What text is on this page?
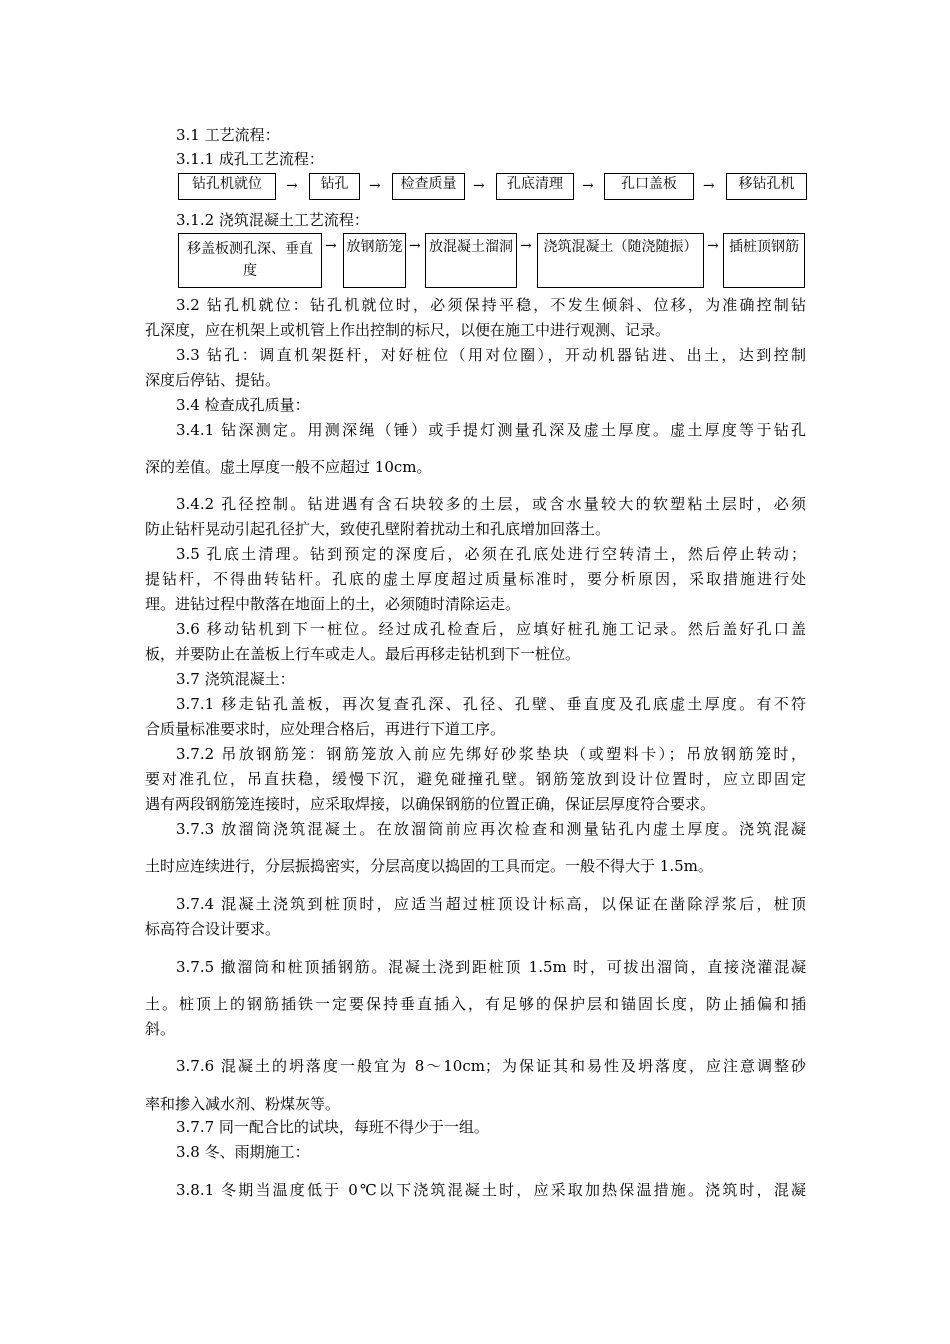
3.1 工艺流程：
3.1.1 成孔工艺流程：
钻孔机就位	→	钻孔	→	检查质量	→	孔底清理	→	孔口盖板	→	移钻孔机
3.1.2 浇筑混凝土工艺流程：
移盖板测孔深、垂直
度
→ 放钢筋笼 → 放混凝土溜洞 → 浇筑混凝土（随浇随振） → 插桩顶钢筋
3.2 钻孔机就位：钻孔机就位时，必须保持平稳，不发生倾斜、位移，为准确控制钻
孔深度，应在机架上或机管上作出控制的标尺，以便在施工中进行观测、记录。
3.3 钻孔：调直机架挺杆，对好桩位（用对位圈），开动机器钻进、出土，达到控制
深度后停钻、提钻。
3.4 检查成孔质量：
3.4.1 钻深测定。用测深绳（锤）或手提灯测量孔深及虚土厚度。虚土厚度等于钻孔
深的差值。虚土厚度一般不应超过 10cm。
3.4.2 孔径控制。钻进遇有含石块较多的土层，或含水量较大的软塑粘土层时，必须
防止钻杆晃动引起孔径扩大，致使孔壁附着扰动土和孔底增加回落土。
3.5 孔底土清理。钻到预定的深度后，必须在孔底处进行空转清土，然后停止转动；
提钻杆，不得曲转钻杆。孔底的虚土厚度超过质量标准时，要分析原因，采取措施进行处
理。进钻过程中散落在地面上的土，必须随时清除运走。
3.6 移动钻机到下一桩位。经过成孔检查后，应填好桩孔施工记录。然后盖好孔口盖
板，并要防止在盖板上行车或走人。最后再移走钻机到下一桩位。
3.7 浇筑混凝土：
3.7.1 移走钻孔盖板，再次复查孔深、孔径、孔壁、垂直度及孔底虚土厚度。有不符
合质量标准要求时，应处理合格后，再进行下道工序。
3.7.2 吊放钢筋笼：钢筋笼放入前应先绑好砂浆垫块（或塑料卡）；吊放钢筋笼时，
要对准孔位，吊直扶稳，缓慢下沉，避免碰撞孔壁。钢筋笼放到设计位置时，应立即固定
遇有两段钢筋笼连接时，应采取焊接，以确保钢筋的位置正确，保证层厚度符合要求。
3.7.3 放溜筒浇筑混凝土。在放溜筒前应再次检查和测量钻孔内虚土厚度。浇筑混凝
土时应连续进行，分层振捣密实，分层高度以捣固的工具而定。一般不得大于 1.5m。
3.7.4 混凝土浇筑到桩顶时，应适当超过桩顶设计标高，以保证在凿除浮浆后，桩顶
标高符合设计要求。
3.7.5 撤溜筒和桩顶插钢筋。混凝土浇到距桩顶 1.5m 时，可拔出溜筒，直接浇灌混凝
土。桩顶上的钢筋插铁一定要保持垂直插入，有足够的保护层和锚固长度，防止插偏和插
斜。
3.7.6 混凝土的坍落度一般宜为 8～10cm；为保证其和易性及坍落度，应注意调整砂
率和掺入减水剂、粉煤灰等。
3.7.7 同一配合比的试块，每班不得少于一组。
3.8 冬、雨期施工：
3.8.1 冬期当温度低于 0℃以下浇筑混凝土时，应采取加热保温措施。浇筑时，混凝
